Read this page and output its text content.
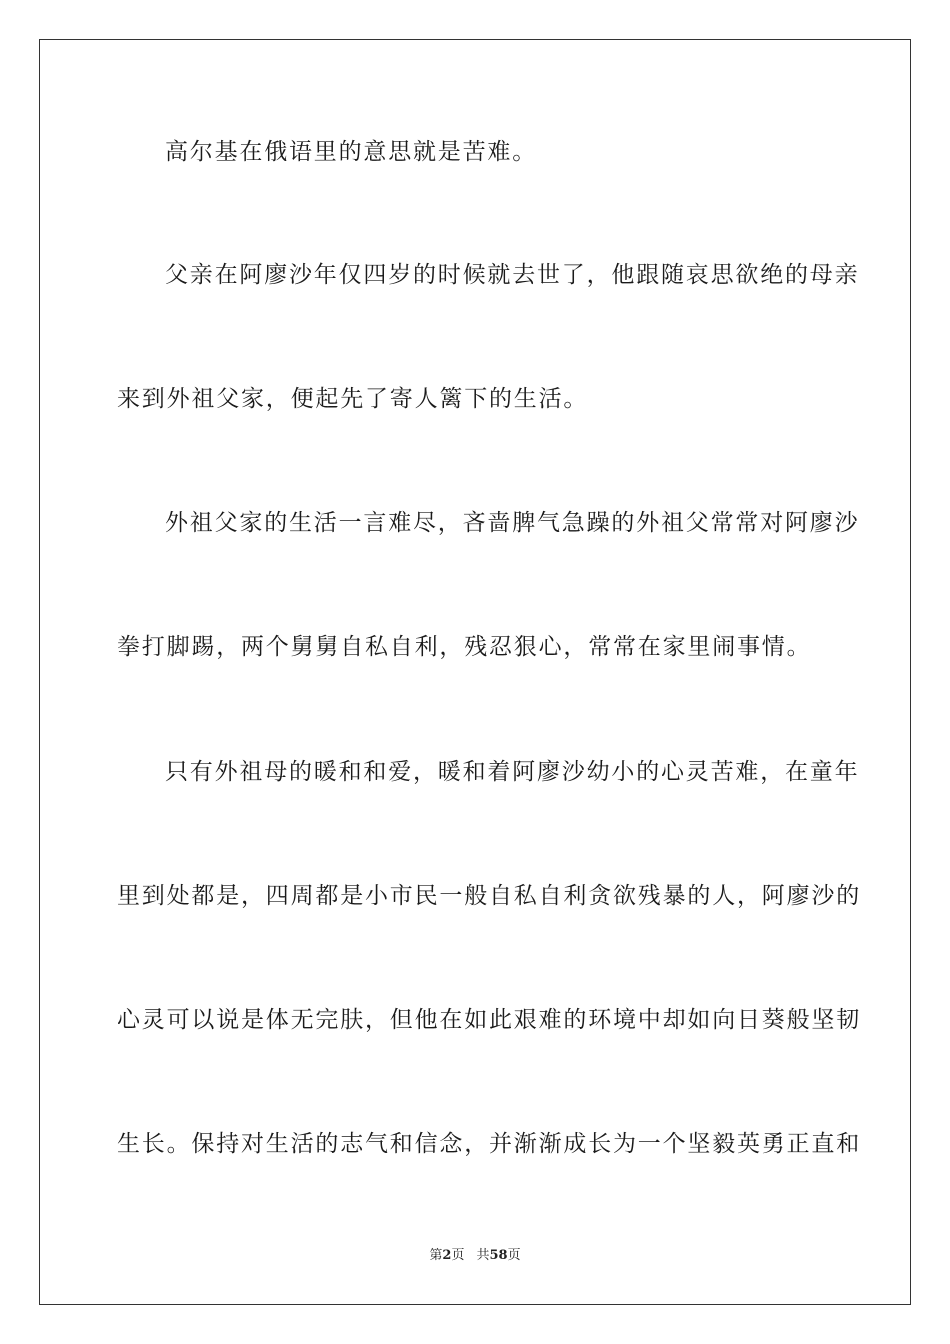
高尔基在俄语里的意思就是苦难。
父亲在阿廖沙年仅四岁的时候就去世了，他跟随哀思欲绝的母亲
来到外祖父家，便起先了寄人篱下的生活。
外祖父家的生活一言难尽，吝啬脾气急躁的外祖父常常对阿廖沙
拳打脚踢，两个舅舅自私自利，残忍狠心，常常在家里闹事情。
只有外祖母的暖和和爱，暖和着阿廖沙幼小的心灵苦难，在童年
里到处都是，四周都是小市民一般自私自利贪欲残暴的人，阿廖沙的
心灵可以说是体无完肤，但他在如此艰难的环境中却如向日葵般坚韧
生长。保持对生活的志气和信念，并渐渐成长为一个坚毅英勇正直和
第2页 共58页
